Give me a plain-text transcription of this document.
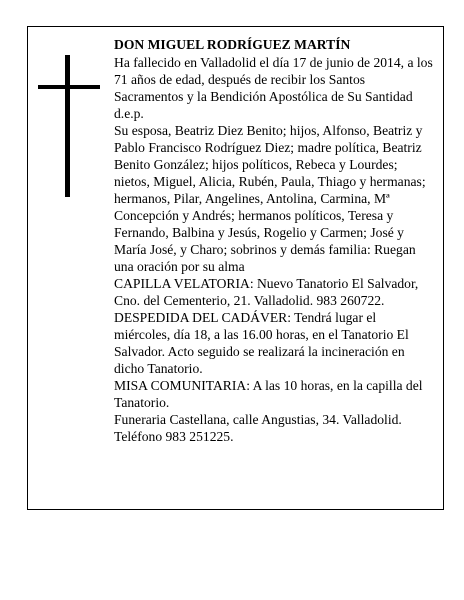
DON MIGUEL RODRÍGUEZ MARTÍN

Ha fallecido en Valladolid el día 17 de junio de 2014, a los 71 años de edad, después de recibir los Santos Sacramentos y la Bendición Apostólica de Su Santidad d.e.p.

Su esposa, Beatriz Diez Benito; hijos, Alfonso, Beatriz y Pablo Francisco Rodríguez Diez; madre política, Beatriz Benito González; hijos políticos, Rebeca y Lourdes; nietos, Miguel, Alicia, Rubén, Paula, Thiago y hermanas; hermanos, Pilar, Angelines, Antolina, Carmina, Mª Concepción y Andrés; hermanos políticos, Teresa y Fernando, Balbina y Jesús, Rogelio y Carmen; José y María José, y Charo; sobrinos y demás familia: Ruegan una oración por su alma

CAPILLA VELATORIA: Nuevo Tanatorio El Salvador, Cno. del Cementerio, 21. Valladolid. 983 260722.

DESPEDIDA DEL CADÁVER: Tendrá lugar el miércoles, día 18, a las 16.00 horas, en el Tanatorio El Salvador. Acto seguido se realizará la incineración en dicho Tanatorio.

MISA COMUNITARIA: A las 10 horas, en la capilla del Tanatorio.

Funeraria Castellana, calle Angustias, 34. Valladolid. Teléfono 983 251225.
